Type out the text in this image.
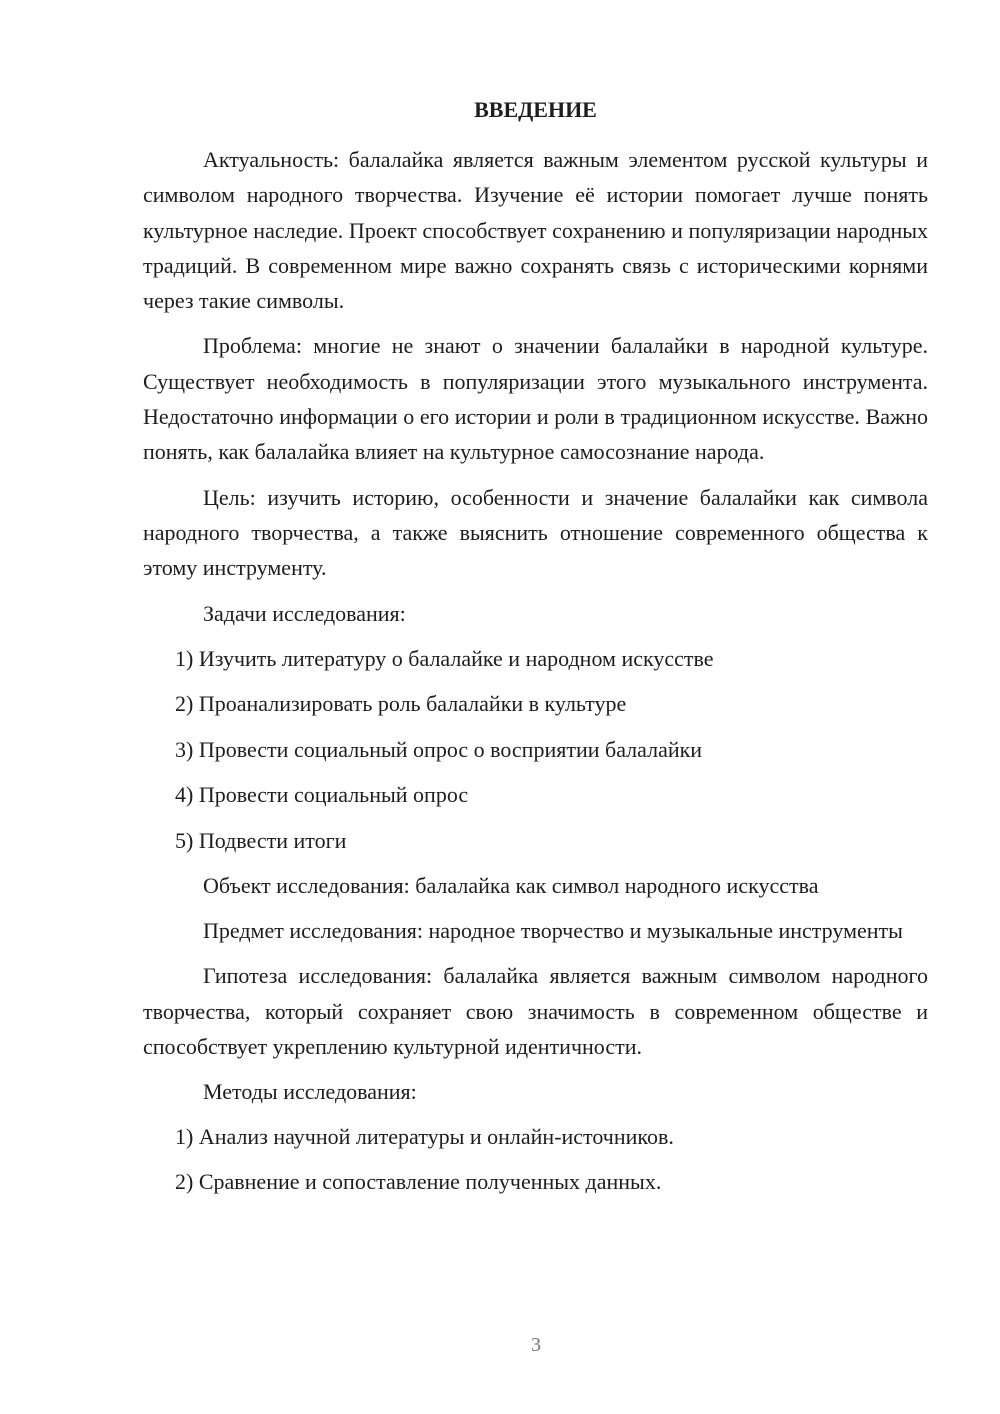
ВВЕДЕНИЕ

Актуальность: балалайка является важным элементом русской культуры и символом народного творчества. Изучение её истории помогает лучше понять культурное наследие. Проект способствует сохранению и популяризации народных традиций. В современном мире важно сохранять связь с историческими корнями через такие символы.

Проблема: многие не знают о значении балалайки в народной культуре. Существует необходимость в популяризации этого музыкального инструмента. Недостаточно информации о его истории и роли в традиционном искусстве. Важно понять, как балалайка влияет на культурное самосознание народа.

Цель: изучить историю, особенности и значение балалайки как символа народного творчества, а также выяснить отношение современного общества к этому инструменту.

Задачи исследования:

1) Изучить литературу о балалайке и народном искусстве
2) Проанализировать роль балалайки в культуре
3) Провести социальный опрос о восприятии балалайки
4) Провести социальный опрос
5) Подвести итоги

Объект исследования: балалайка как символ народного искусства

Предмет исследования: народное творчество и музыкальные инструменты

Гипотеза исследования: балалайка является важным символом народного творчества, который сохраняет свою значимость в современном обществе и способствует укреплению культурной идентичности.

Методы исследования:

1) Анализ научной литературы и онлайн-источников.
2) Сравнение и сопоставление полученных данных.
3
